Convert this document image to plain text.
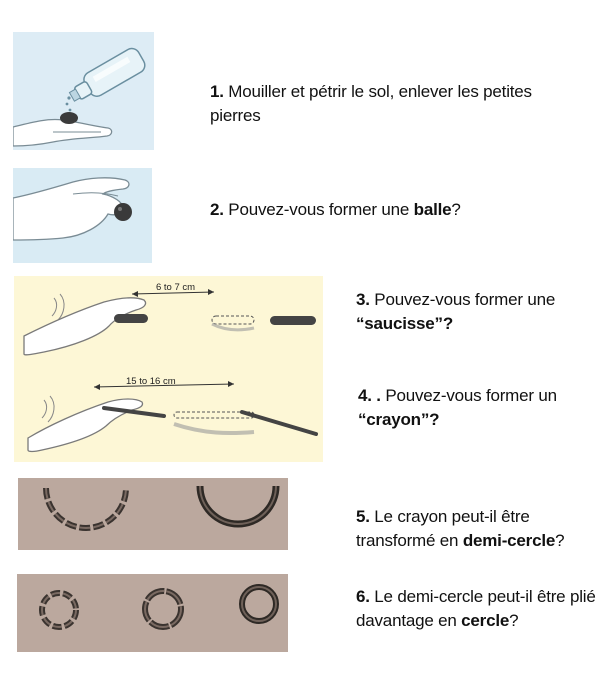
1. Mouiller et pétrir le sol, enlever les petites pierres
2. Pouvez-vous former une balle?
6 to 7 cm
3. Pouvez-vous former une “saucisse”?
15 to 16 cm
4. . Pouvez-vous former un “crayon”?
5. Le crayon peut-il être transformé en demi-cercle?
6. Le demi-cercle peut-il être plié davantage en cercle?
